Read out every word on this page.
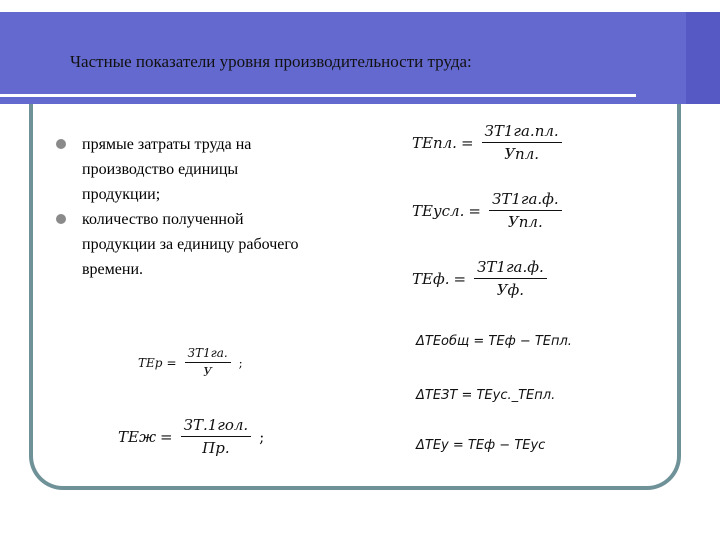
Частные показатели уровня производительности труда:
прямые затраты труда на производство единицы продукции;
количество полученной продукции за единицу рабочего времени.
ТЕпл. = $\frac{ЗТ1га.пл.}{\text{Упл.}}$
ТЕусл. = $\frac{ЗТ1га.ф.}{\text{Упл.}}$
ТЕф. = $\frac{ЗТ1га.ф.}{Уф.}$
ТЕр = $\frac{ЗТ1га.}{У}$ ;
ТЕж = $\frac{\text{ЗТ.1гол.}}{Пр.}$ ;
ΔТЕобщ = ТЕф − ТЕпл.
ΔТЕЗТ = ТЕус._ТЕпл.
ΔТЕу = ТЕф − ТЕус
